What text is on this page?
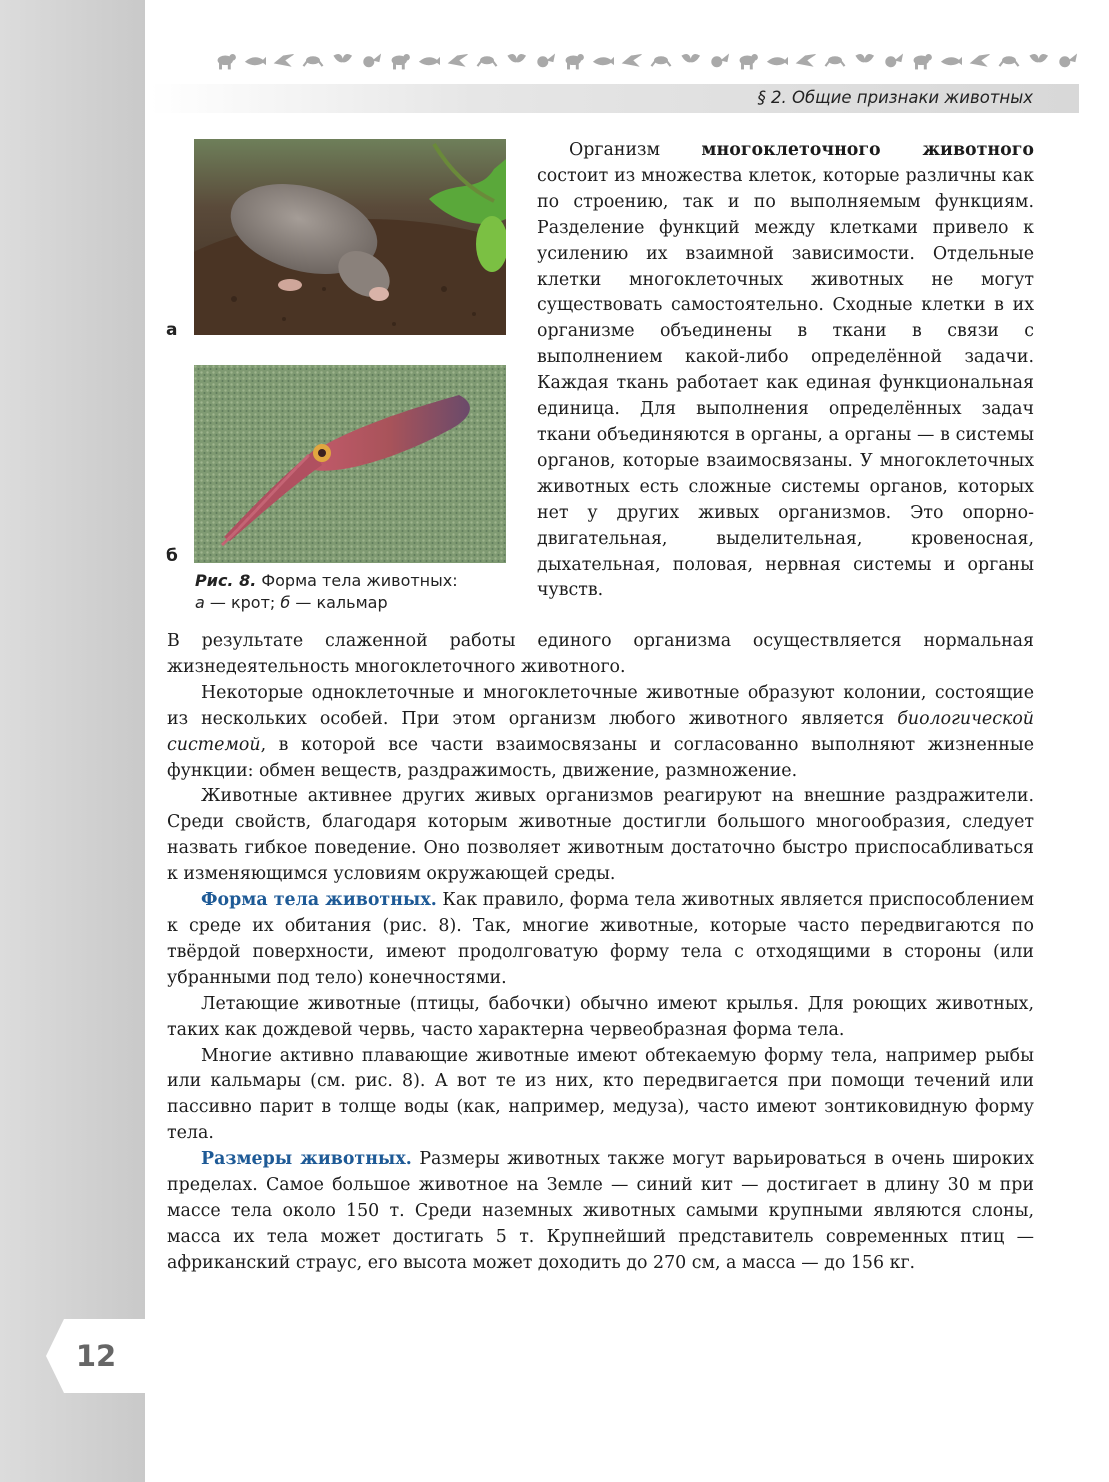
§ 2. Общие признаки животных
а
б
Рис. 8. Форма тела животных:
а — крот; б — кальмар

Организм многоклеточного животного состоит из множества клеток, которые различны как по строению, так и по выполняемым функциям. Разделение функций между клетками привело к усилению их взаимной зависимости. Отдельные клетки многоклеточных животных не могут существовать самостоятельно. Сходные клетки в их организме объединены в ткани в связи с выполнением какой-либо определённой задачи. Каждая ткань работает как единая функциональная единица. Для выполнения определённых задач ткани объединяются в органы, а органы — в системы органов, которые взаимосвязаны. У многоклеточных животных есть сложные системы органов, которых нет у других живых организмов. Это опорно-двигательная, выделительная, кровеносная, дыхательная, половая, нервная системы и органы чувств.

В результате слаженной работы единого организма осуществляется нормальная жизнедеятельность многоклеточного животного.

Некоторые одноклеточные и многоклеточные животные образуют колонии, состоящие из нескольких особей. При этом организм любого животного является биологической системой, в которой все части взаимосвязаны и согласованно выполняют жизненные функции: обмен веществ, раздражимость, движение, размножение.

Животные активнее других живых организмов реагируют на внешние раздражители. Среди свойств, благодаря которым животные достигли большого многообразия, следует назвать гибкое поведение. Оно позволяет животным достаточно быстро приспосабливаться к изменяющимся условиям окружающей среды.

Форма тела животных. Как правило, форма тела животных является приспособлением к среде их обитания (рис. 8). Так, многие животные, которые часто передвигаются по твёрдой поверхности, имеют продолговатую форму тела с отходящими в стороны (или убранными под тело) конечностями.

Летающие животные (птицы, бабочки) обычно имеют крылья. Для роющих животных, таких как дождевой червь, часто характерна червеобразная форма тела.

Многие активно плавающие животные имеют обтекаемую форму тела, например рыбы или кальмары (см. рис. 8). А вот те из них, кто передвигается при помощи течений или пассивно парит в толще воды (как, например, медуза), часто имеют зонтиковидную форму тела.

Размеры животных. Размеры животных также могут варьироваться в очень широких пределах. Самое большое животное на Земле — синий кит — достигает в длину 30 м при массе тела около 150 т. Среди наземных животных самыми крупными являются слоны, масса их тела может достигать 5 т. Крупнейший представитель современных птиц — африканский страус, его высота может доходить до 270 см, а масса — до 156 кг.

12
